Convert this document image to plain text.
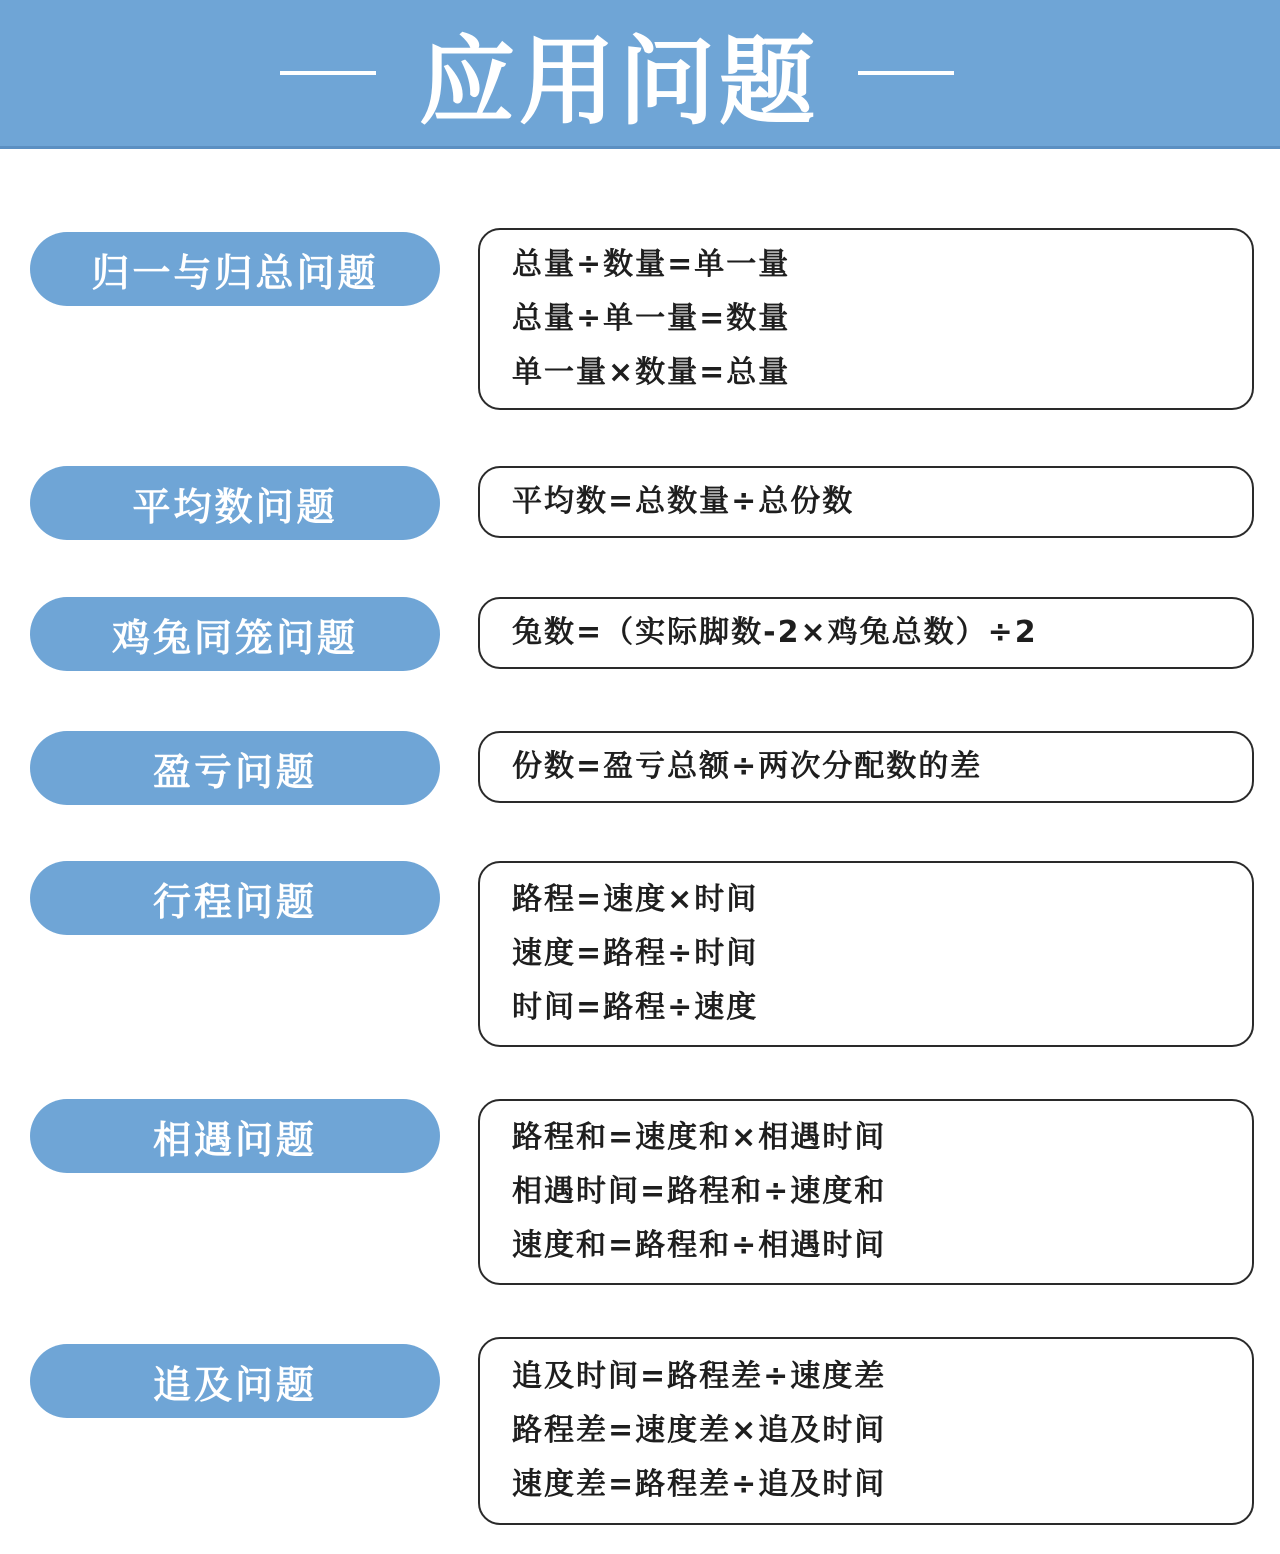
应用问题
归一与归总问题	总量÷数量=单一量
总量÷单一量=数量
单一量×数量=总量
平均数问题	平均数=总数量÷总份数
鸡兔同笼问题	兔数=（实际脚数-2×鸡兔总数）÷2
盈亏问题	份数=盈亏总额÷两次分配数的差
行程问题	路程=速度×时间
速度=路程÷时间
时间=路程÷速度
相遇问题	路程和=速度和×相遇时间
相遇时间=路程和÷速度和
速度和=路程和÷相遇时间
追及问题	追及时间=路程差÷速度差
路程差=速度差×追及时间
速度差=路程差÷追及时间
